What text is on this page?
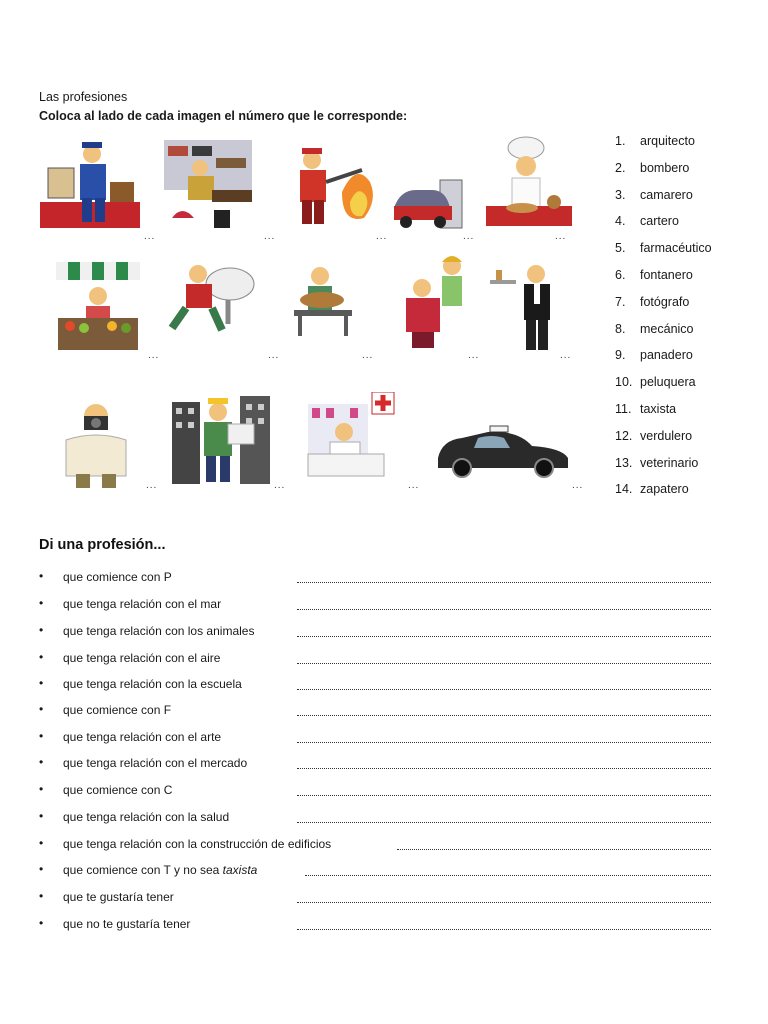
Las profesiones
Coloca al lado de cada imagen el número que le corresponde:
...	...	...	...	...
...	...	...	...	...
...	...	...	...
1.	arquitecto
2.	bombero
3.	camarero
4.	cartero
5.	farmacéutico
6.	fontanero
7.	fotógrafo
8.	mecánico
9.	panadero
10. peluquera
11. taxista
12. verdulero
13. veterinario
14. zapatero
Di una profesión...
• que comience con P
• que tenga relación con el mar
• que tenga relación con los animales
• que tenga relación con el aire
• que tenga relación con la escuela
• que comience con F
• que tenga relación con el arte
• que tenga relación con el mercado
• que comience con C
• que tenga relación con la salud
• que tenga relación con la construcción de edificios
• que comience con T y no sea taxista
• que te gustaría tener
• que no te gustaría tener
